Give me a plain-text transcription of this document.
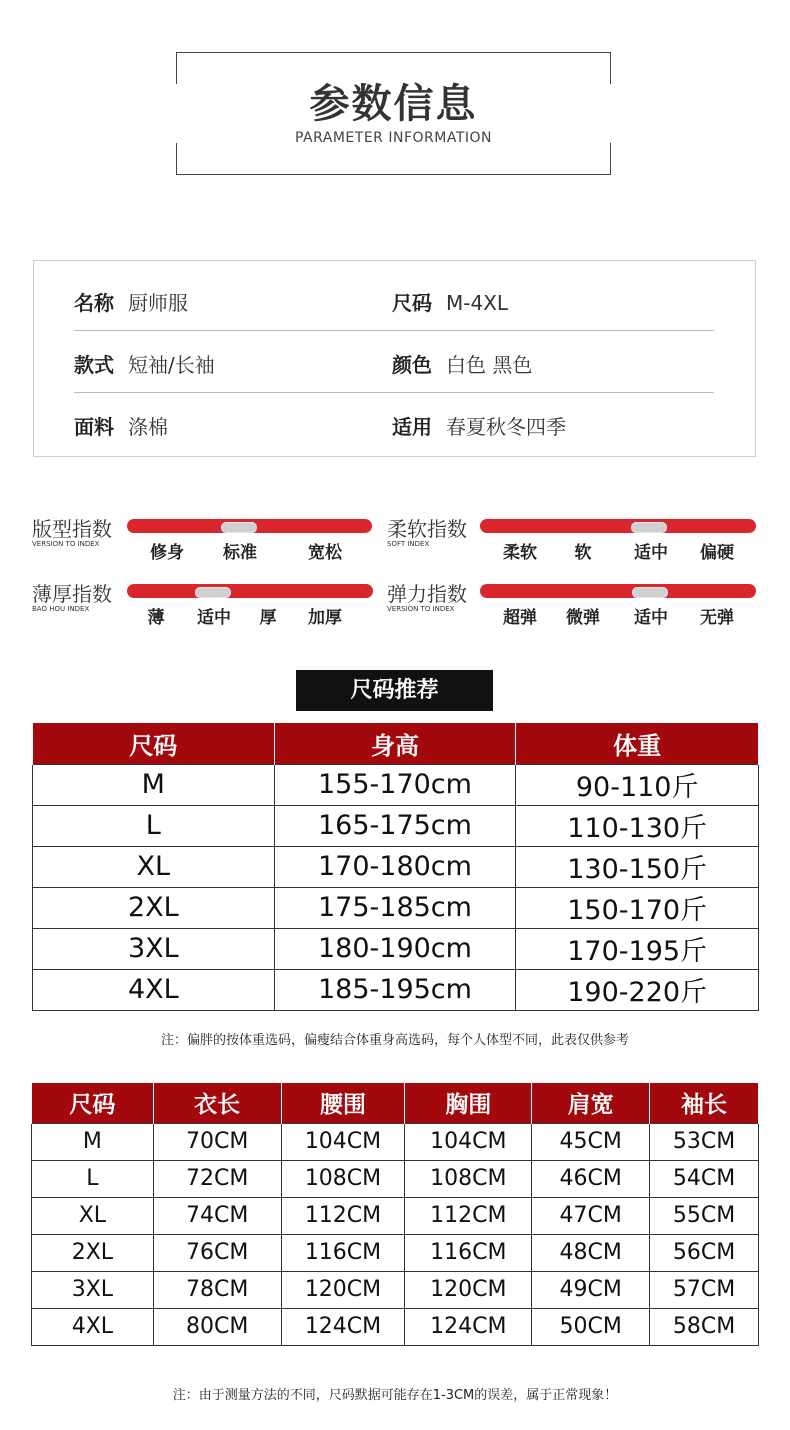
参数信息
PARAMETER INFORMATION
名称 厨师服	尺码 M-4XL
款式 短袖/长袖	颜色 白色 黑色
面料 涤棉	适用 春夏秋冬四季
版型指数
VERSION TO INDEX	修身 标准	宽松
柔软指数
SOFT INDEX	柔软 软	适中 偏硬
薄厚指数
BAO HOU INDEX	薄 适中 厚 加厚
弹力指数
VERSION TO INDEX	超弹 微弹 适中 无弹
尺码推荐
尺码	身高	体重
M	155-170cm	90-110斤
L	165-175cm	110-130斤
XL	170-180cm	130-150斤
2XL	175-185cm	150-170斤
3XL	180-190cm	170-195斤
4XL	185-195cm	190-220斤
注：偏胖的按体重选码，偏瘦结合体重身高选码，每个人体型不同，此表仅供参考
尺码	衣长	腰围	胸围	肩宽	袖长
M	70CM	104CM	104CM	45CM	53CM
L	72CM	108CM	108CM	46CM	54CM
XL	74CM	112CM	112CM	47CM	55CM
2XL	76CM	116CM	116CM	48CM	56CM
3XL	78CM	120CM	120CM	49CM	57CM
4XL	80CM	124CM	124CM	50CM	58CM
注：由于测量方法的不同，尺码默据可能存在1-3CM的误差，属于正常现象！
